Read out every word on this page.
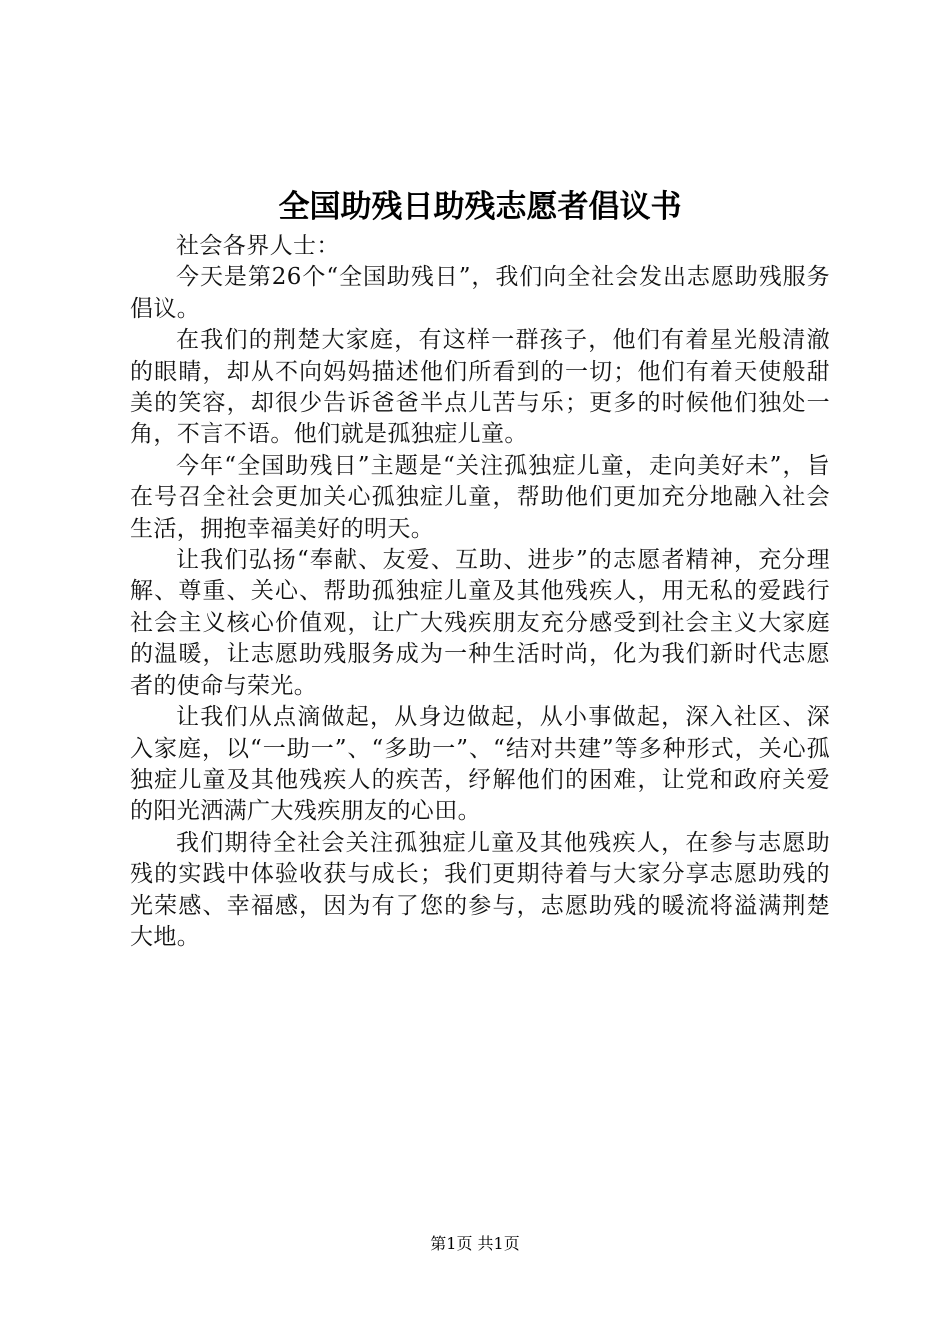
全国助残日助残志愿者倡议书

社会各界人士：

今天是第26个“全国助残日”，我们向全社会发出志愿助残服务倡议。

在我们的荆楚大家庭，有这样一群孩子，他们有着星光般清澈的眼睛，却从不向妈妈描述他们所看到的一切；他们有着天使般甜美的笑容，却很少告诉爸爸半点儿苦与乐；更多的时候他们独处一角，不言不语。他们就是孤独症儿童。

今年“全国助残日”主题是“关注孤独症儿童，走向美好未”，旨在号召全社会更加关心孤独症儿童，帮助他们更加充分地融入社会生活，拥抱幸福美好的明天。

让我们弘扬“奉献、友爱、互助、进步”的志愿者精神，充分理解、尊重、关心、帮助孤独症儿童及其他残疾人，用无私的爱践行社会主义核心价值观，让广大残疾朋友充分感受到社会主义大家庭的温暖，让志愿助残服务成为一种生活时尚，化为我们新时代志愿者的使命与荣光。

让我们从点滴做起，从身边做起，从小事做起，深入社区、深入家庭，以“一助一”、“多助一”、“结对共建”等多种形式，关心孤独症儿童及其他残疾人的疾苦，纾解他们的困难，让党和政府关爱的阳光洒满广大残疾朋友的心田。

我们期待全社会关注孤独症儿童及其他残疾人，在参与志愿助残的实践中体验收获与成长；我们更期待着与大家分享志愿助残的光荣感、幸福感，因为有了您的参与，志愿助残的暖流将溢满荆楚大地。

第1页 共1页
